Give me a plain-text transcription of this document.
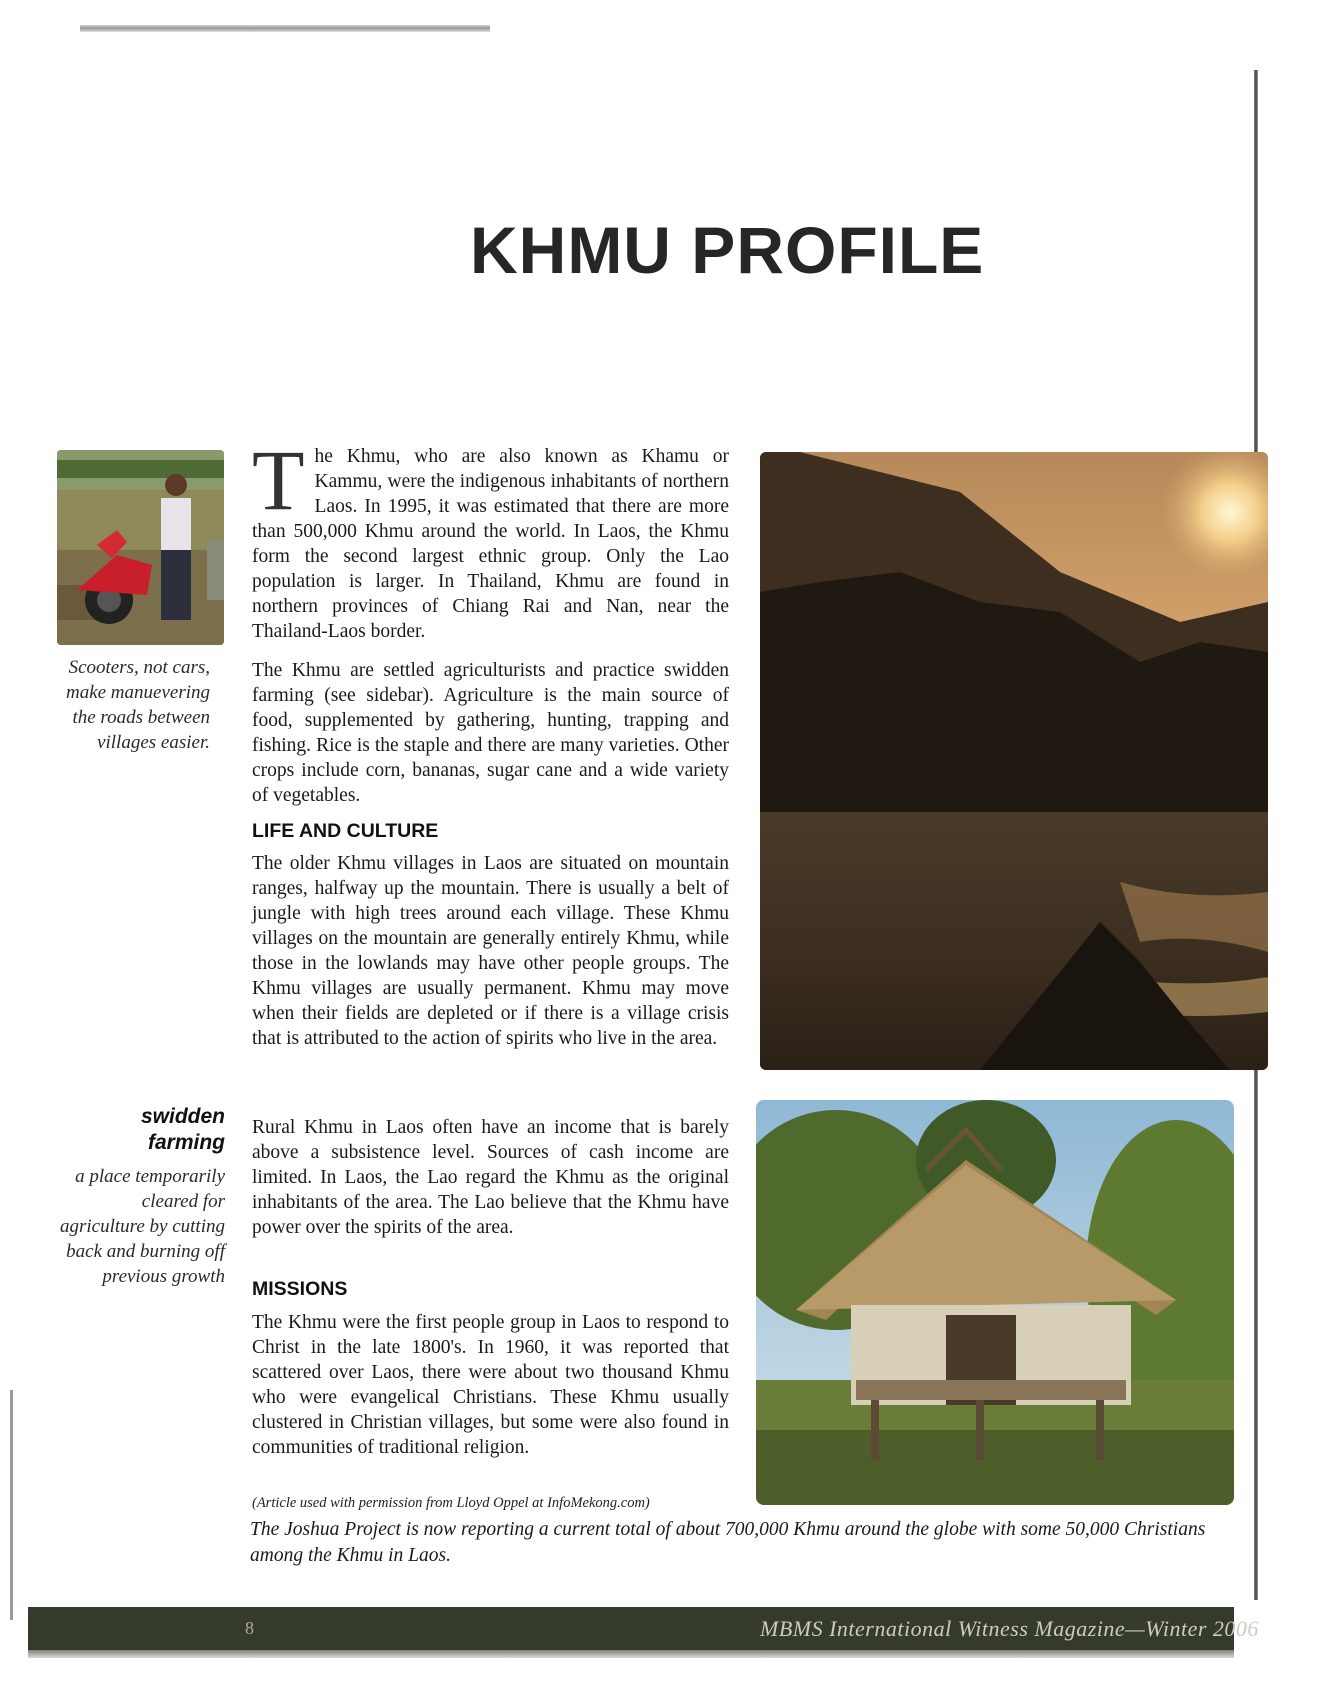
KHMU PROFILE
Scooters, not cars, make manuevering the roads between villages easier.

The Khmu, who are also known as Khamu or Kammu, were the indigenous inhabitants of northern Laos. In 1995, it was estimated that there are more than 500,000 Khmu around the world. In Laos, the Khmu form the second largest ethnic group. Only the Lao population is larger. In Thailand, Khmu are found in northern provinces of Chiang Rai and Nan, near the Thailand-Laos border.

The Khmu are settled agriculturists and practice swidden farming (see sidebar). Agriculture is the main source of food, supplemented by gathering, hunting, trapping and fishing. Rice is the staple and there are many varieties. Other crops include corn, bananas, sugar cane and a wide variety of vegetables.

LIFE AND CULTURE

The older Khmu villages in Laos are situated on mountain ranges, halfway up the mountain. There is usually a belt of jungle with high trees around each village. These Khmu villages on the mountain are generally entirely Khmu, while those in the lowlands may have other people groups. The Khmu villages are usually permanent. Khmu may move when their fields are depleted or if there is a village crisis that is attributed to the action of spirits who live in the area.

Rural Khmu in Laos often have an income that is barely above a subsistence level. Sources of cash income are limited. In Laos, the Lao regard the Khmu as the original inhabitants of the area. The Lao believe that the Khmu have power over the spirits of the area.

MISSIONS

The Khmu were the first people group in Laos to respond to Christ in the late 1800's. In 1960, it was reported that scattered over Laos, there were about two thousand Khmu who were evangelical Christians. These Khmu usually clustered in Christian villages, but some were also found in communities of traditional religion.

(Article used with permission from Lloyd Oppel at InfoMekong.com)
swidden farming
a place temporarily cleared for agriculture by cutting back and burning off previous growth
The Joshua Project is now reporting a current total of about 700,000 Khmu around the globe with some 50,000 Christians among the Khmu in Laos.
8	MBMS International Witness Magazine—Winter 2006
